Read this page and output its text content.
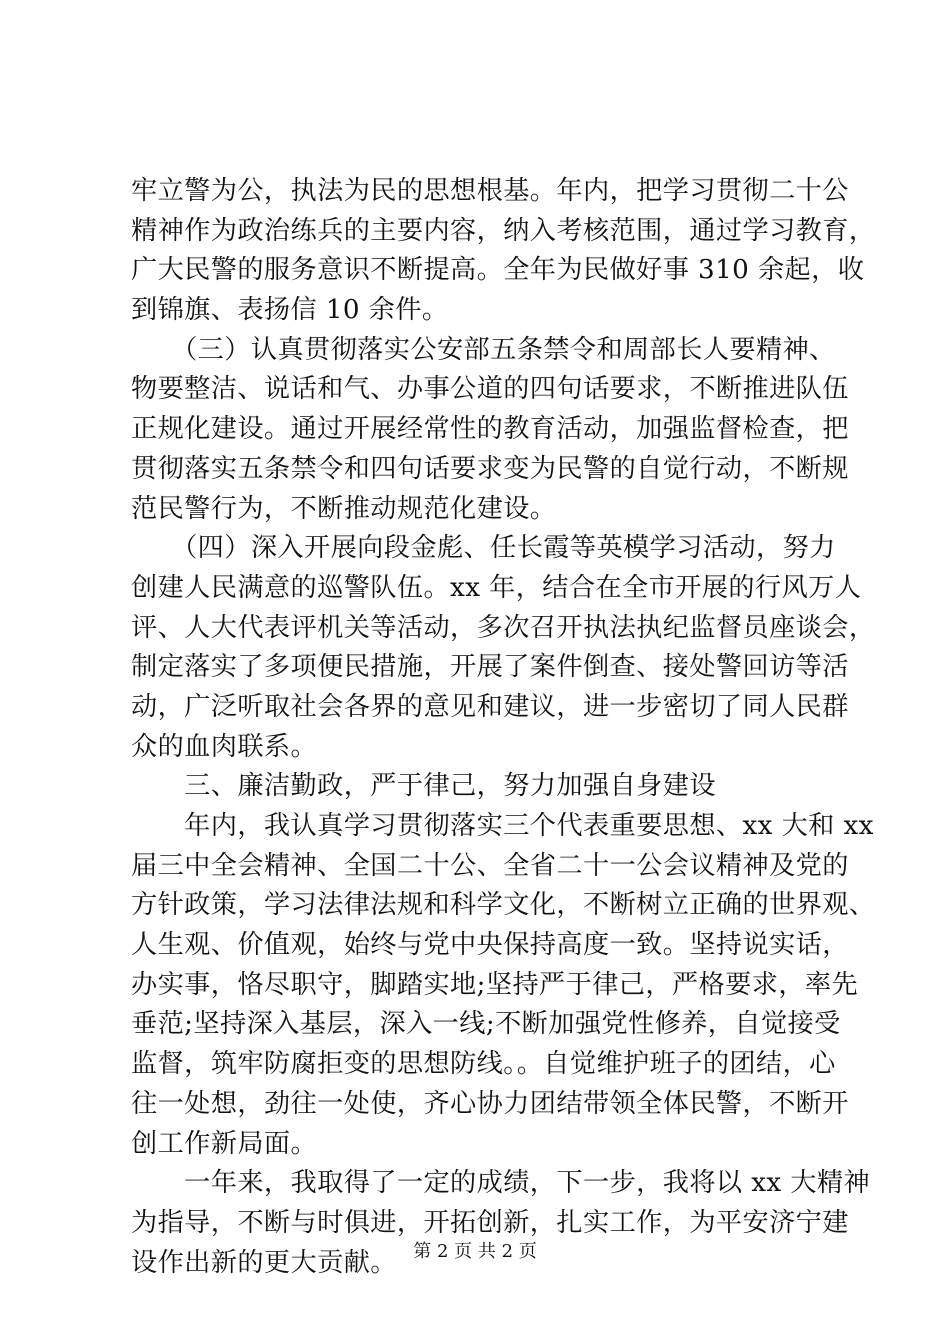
牢立警为公，执法为民的思想根基。年内，把学习贯彻二十公
精神作为政治练兵的主要内容，纳入考核范围，通过学习教育，
广大民警的服务意识不断提高。全年为民做好事 310 余起，收
到锦旗、表扬信 10 余件。
　　（三）认真贯彻落实公安部五条禁令和周部长人要精神、
物要整洁、说话和气、办事公道的四句话要求，不断推进队伍
正规化建设。通过开展经常性的教育活动，加强监督检查，把
贯彻落实五条禁令和四句话要求变为民警的自觉行动，不断规
范民警行为，不断推动规范化建设。
　　（四）深入开展向段金彪、任长霞等英模学习活动，努力
创建人民满意的巡警队伍。xx 年，结合在全市开展的行风万人
评、人大代表评机关等活动，多次召开执法执纪监督员座谈会，
制定落实了多项便民措施，开展了案件倒查、接处警回访等活
动，广泛听取社会各界的意见和建议，进一步密切了同人民群
众的血肉联系。
　　三、廉洁勤政，严于律己，努力加强自身建设
　　年内，我认真学习贯彻落实三个代表重要思想、xx 大和 xx
届三中全会精神、全国二十公、全省二十一公会议精神及党的
方针政策，学习法律法规和科学文化，不断树立正确的世界观、
人生观、价值观，始终与党中央保持高度一致。坚持说实话，
办实事，恪尽职守，脚踏实地;坚持严于律己，严格要求，率先
垂范;坚持深入基层，深入一线;不断加强党性修养，自觉接受
监督，筑牢防腐拒变的思想防线。。自觉维护班子的团结，心
往一处想，劲往一处使，齐心协力团结带领全体民警，不断开
创工作新局面。
　　一年来，我取得了一定的成绩，下一步，我将以 xx 大精神
为指导，不断与时俱进，开拓创新，扎实工作，为平安济宁建
设作出新的更大贡献。 第 2 页 共 2 页
